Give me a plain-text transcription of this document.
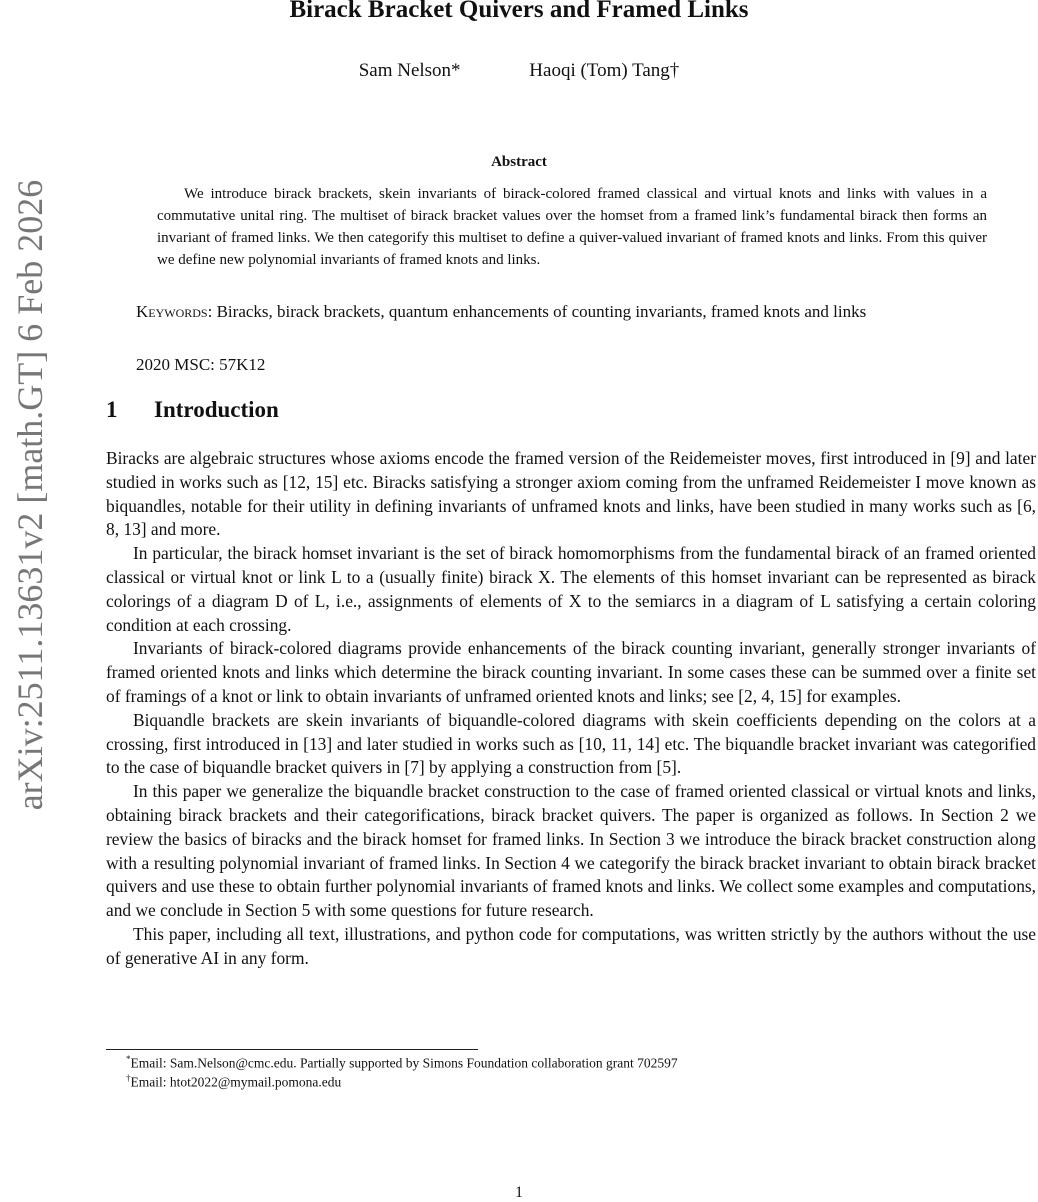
arXiv:2511.13631v2 [math.GT] 6 Feb 2026
Birack Bracket Quivers and Framed Links
Sam Nelson*	Haoqi (Tom) Tang†
Abstract

We introduce birack brackets, skein invariants of birack-colored framed classical and virtual knots and links with values in a commutative unital ring. The multiset of birack bracket values over the homset from a framed link’s fundamental birack then forms an invariant of framed links. We then categorify this multiset to define a quiver-valued invariant of framed knots and links. From this quiver we define new polynomial invariants of framed knots and links.

Keywords: Biracks, birack brackets, quantum enhancements of counting invariants, framed knots and links

2020 MSC: 57K12

1 Introduction

Biracks are algebraic structures whose axioms encode the framed version of the Reidemeister moves, first introduced in [9] and later studied in works such as [12, 15] etc. Biracks satisfying a stronger axiom coming from the unframed Reidemeister I move known as biquandles, notable for their utility in defining invariants of unframed knots and links, have been studied in many works such as [6, 8, 13] and more.

In particular, the birack homset invariant is the set of birack homomorphisms from the fundamental birack of an framed oriented classical or virtual knot or link L to a (usually finite) birack X. The elements of this homset invariant can be represented as birack colorings of a diagram D of L, i.e., assignments of elements of X to the semiarcs in a diagram of L satisfying a certain coloring condition at each crossing.

Invariants of birack-colored diagrams provide enhancements of the birack counting invariant, generally stronger invariants of framed oriented knots and links which determine the birack counting invariant. In some cases these can be summed over a finite set of framings of a knot or link to obtain invariants of unframed oriented knots and links; see [2, 4, 15] for examples.

Biquandle brackets are skein invariants of biquandle-colored diagrams with skein coefficients depending on the colors at a crossing, first introduced in [13] and later studied in works such as [10, 11, 14] etc. The biquandle bracket invariant was categorified to the case of biquandle bracket quivers in [7] by applying a construction from [5].

In this paper we generalize the biquandle bracket construction to the case of framed oriented classical or virtual knots and links, obtaining birack brackets and their categorifications, birack bracket quivers. The paper is organized as follows. In Section 2 we review the basics of biracks and the birack homset for framed links. In Section 3 we introduce the birack bracket construction along with a resulting polynomial invariant of framed links. In Section 4 we categorify the birack bracket invariant to obtain birack bracket quivers and use these to obtain further polynomial invariants of framed knots and links. We collect some examples and computations, and we conclude in Section 5 with some questions for future research.

This paper, including all text, illustrations, and python code for computations, was written strictly by the authors without the use of generative AI in any form.

*Email: Sam.Nelson@cmc.edu. Partially supported by Simons Foundation collaboration grant 702597

†Email: htot2022@mymail.pomona.edu

1
